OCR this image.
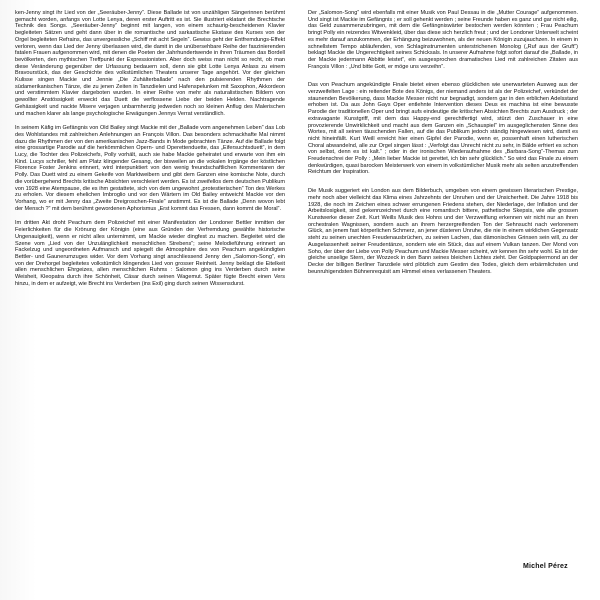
ken-Jenny singt ihr Lied von der „Seeräuber-Jenny“. Diese Ballade ist von unzähligen Sängerinnen berühmt gemacht worden, anfangs von Lotte Lenya, deren erster Auftritt es ist. Sie illustriert eklatant die Brechtsche Technik des Songs. „Seeräuber-Jenny“ beginnt mit langen, von einem schaurig-bescheidenen Klavier begleiteten Sätzen und geht dann über in die romantische und sarkastische Ekstase des Kurses von der Orgel begleiteten Refrains, das unvergessliche „Schiff mit acht Segeln“. Gewiss geht der Entfremdungs-Effekt verloren, wenn das Lied der Jenny überlassen wird, die damit in die unübersehbare Reihe der faszinierenden fatalen Frauen aufgenommen wird, mit denen die Poeten der Jahrhundertwende in ihren Träumen das Bordell bevölkerten, den mythischen Treffpunkt der Expressionisten. Aber doch weiss man nicht so recht, ob man diese Veränderung gegenüber der Urfassung bedauern soll, denn sie gibt Lotte Lenya Anlass zu einem Bravourstück, das der Geschichte des volkstümlichen Theaters unserer Tage angehört. Vor der gleichen Kulisse singen Mackie und Jennie „Die Zuhälterballade“ nach den pulsierenden Rhythmen der südamerikanischen Tänze, die zu jenen Zeiten in Tanzdielen und Hafenspelunken mit Saxophon, Akkordeon und verstimmtem Klavier dargeboten wurden. In einer Reihe von mehr als naturalistischen Bildern von gewollter Anstössigkeit erweckt das Duett die verflossene Liebe der beiden Helden. Nachtragende Gehässigkeit und nackte Misere verjagen unbarmherzig jedweden noch so kleinen Anflug des Malerischen und machen klarer als lange psychologische Erwägungen Jennys Verrat verständlich.

In seinem Käfig im Gefängnis von Old Bailey singt Mackie mit der „Ballade vom angenehmen Leben“ das Lob des Wohlstandes mit zahlreichen Anlehnungen an François Villon. Das besonders schmackhafte Mal nimmt dazu die Rhythmen der von den amerikanischen Jazz-Bands in Mode gebrachten Tänze. Auf die Ballade folgt eine grossartige Parodie auf die herkömmlichen Opern- und Operettenduette, das „Eifersuchtsduett“, in dem Lucy, die Tochter des Polizeichefs, Polly vorhält, auch sie habe Mackie geheiratet und erwarte von ihm ein Kind. Lucys schriller, fehl am Platz klingender Gesang, der bisweilen an die vokalen Irrgänge der köstlichen Florence Foster Jenkins erinnert, wird interpunktiert von den wenig freundschaftlichen Kommentaren der Polly. Das Duett wird zu einem Gekeife von Marktweibern und gibt dem Ganzen eine komische Note, durch die vorübergehend Brechts kritische Absichten verschleiert werden. Es ist zweifellos dem deutschen Publikum von 1928 eine Atempause, die es ihm gestattete, sich von dem ungewohnt „protestierischen“ Ton des Werkes zu erholen. Vor diesem ehelichen Imbroglio und vor den Wärtern im Old Bailey entweicht Mackie vor den Vorhang, wo er mit Jenny das „Zweite Dreigroschen-Finale“ anstimmt. Es ist die Ballade „Denn wovon lebt der Mensch ?“ mit dem berühmt gewordenen Aphorismus „Erst kommt das Fressen, dann kommt die Moral“.

Im dritten Akt droht Peachum dem Polizeichef mit einer Manifestation der Londoner Bettler inmitten der Feierlichkeiten für die Krönung der Königin (eine aus Gründen der Verfremdung gewählte historische Ungenauigkeit), wenn er nicht alles unternimmt, um Mackie wieder dingfest zu machen. Begleitet wird die Szene vom „Lied von der Unzulänglichkeit menschlichen Strebens“; seine Melodieführung erinnert an Fackelzug und ungeordneten Aufmarsch und spiegelt die Atmosphäre des von Peachum angekündigten Bettler- und Gaunerumzuges wider. Vor dem Vorhang singt anschliessend Jenny den „Salomon-Song“, ein von der Drehorgel begleitetes volkstümlich klingendes Lied von grosser Reinheit. Jenny beklagt die Eitelkeit allen menschlichen Ehrgeizes, allen menschlichen Ruhms : Salomon ging ins Verderben durch seine Weisheit, Kleopatra durch ihre Schönheit, Cäsar durch seinen Wagemut. Später fügte Brecht einen Vers hinzu, in dem er aufzeigt, wie Brecht ins Verderben (ins Exil) ging durch seinen Wissensdurst.

Der „Salomon-Song“ wird ebenfalls mit einer Musik von Paul Dessau in die „Mutter Courage“ aufgenommen. Und singt ist Mackie im Gefängnis ; er soll gehenkt werden ; seine Freunde haben es ganz und gar nicht eilig, das Geld zusammenzubringen, mit dem die Gefängniswärter bestochen werden könnten ; Frau Peachum bringt Polly ein reizendes Witwenkleid, über das diese sich herzlich freut ; und der Londoner Unterwelt scheint es mehr darauf anzukommen, der Erhängung beizuwohnen, als der neuen Königin zuzujauchzen. In einem in schnellstem Tempo abläufenden, von Schlaginstrumenten unterstrichenen Monolog („Ruf aus der Gruft“) beklagt Mackie die Ungerechtigkeit seines Schicksals. In unserer Aufnahme folgt sofort darauf die „Ballade, in der Mackie jedermann Abbitte leistet“, ein ausgesprochen dramatisches Lied mit zahlreichen Zitaten aus François Villon : „Und bitte Gott, er möge uns verzeihn“.

Das von Peachum angekündigte Finale bietet einen ebenso glücklichen wie unerwarteten Ausweg aus der verzweifelten Lage : ein reitender Bote des Königs, der niemand anders ist als der Polizeichef, verkündet der staunenden Bevölkerung, dass Mackie Messer nicht nur begnadigt, sondern gar in den erblichen Adelsstand erhoben ist. Da aus John Gays Oper entlehnte Intervention dieses Deus ex machina ist eine bewusste Parodie der traditionellen Oper und bringt aufs eindeutige die kritischen Absichten Brechts zum Ausdruck ; der extravagante Kunstgriff, mit dem das Happy-end gerechtfertigt wird, stürzt den Zuschauer in eine provozierende Unwirklichkeit und macht aus dem Ganzen ein „Schauspiel“ im ausgeglichensten Sinne des Wortes, mit all seinen täuschenden Fallen, auf die das Publikum jedoch ständig hingewiesen wird, damit es nicht hineinfällt. Kurt Weill erreicht hier einen Gipfel der Parodie, wenn er, possenhaft einen lutherischen Choral abwandelnd, alle zur Orgel singen lässt : „Verfolgt das Unrecht nicht zu sehr, in Bälde erfriert es schon von selbst, denn es ist kalt.“ ; oder in der ironischen Wiederaufnahme des „Barbara-Song“-Themas zum Freudenschrei der Polly : „Mein lieber Mackie ist gerettet, ich bin sehr glücklich.“ So wird das Finale zu einem denkwürdigen, quasi barocken Meisterwerk von einem in volkstümlicher Musik mehr als selten anzutreffenden Reichtum der Inspiration.

Die Musik suggeriert ein London aus dem Bilderbuch, umgeben von einem gewissen literarischen Prestige, mehr noch aber vielleicht das Klima eines Jahrzehnts der Unruhen und der Unsicherheit. Die Jahre 1918 bis 1928, die noch im Zeichen eines schwer errungenen Friedens stehen, der Niederlage, der Inflation und der Arbeitslosigkeit, sind gekennzeichnet durch eine romantisch bittere, pathetische Skepsis, wie alle grossen Kunstwerke dieser Zeit. Kurt Weills Musik des Hohns und der Verzweiflung erkennen wir nicht nur an ihren orchestralen Wagnissen, sondern auch an ihrem herzergreifenden Ton der Sehnsucht nach verlorenem Glück, an jenem fast körperlichen Schmerz, an jener düsteren Unruhe, die nie in einem wirklichen Gegensatz steht zu seinen unechten Freudenausbrüchen, zu seinen Lachen, das dämonisches Grinsen sein will, zu der Ausgelassenheit seiner Freudentänze, sondern wie ein Stück, das auf einem Vulkan tanzen. Der Mond von Soho, der über der Liebe von Polly Peachum und Mackie Messer scheint, wir kennen ihn sehr wohl. Es ist der gleiche unselige Stern, der Wozzeck in den Bann seines bleichen Lichtes zieht. Der Goldpapiermond an der Decke der billigen Berliner Tanzdiele wird plötzlich zum Gestirn des Todes, gleich dem erbärmlichsten und beunruhigendsten Bühnenrequisit am Himmel eines verlassenen Theaters.

Michel Pérez
